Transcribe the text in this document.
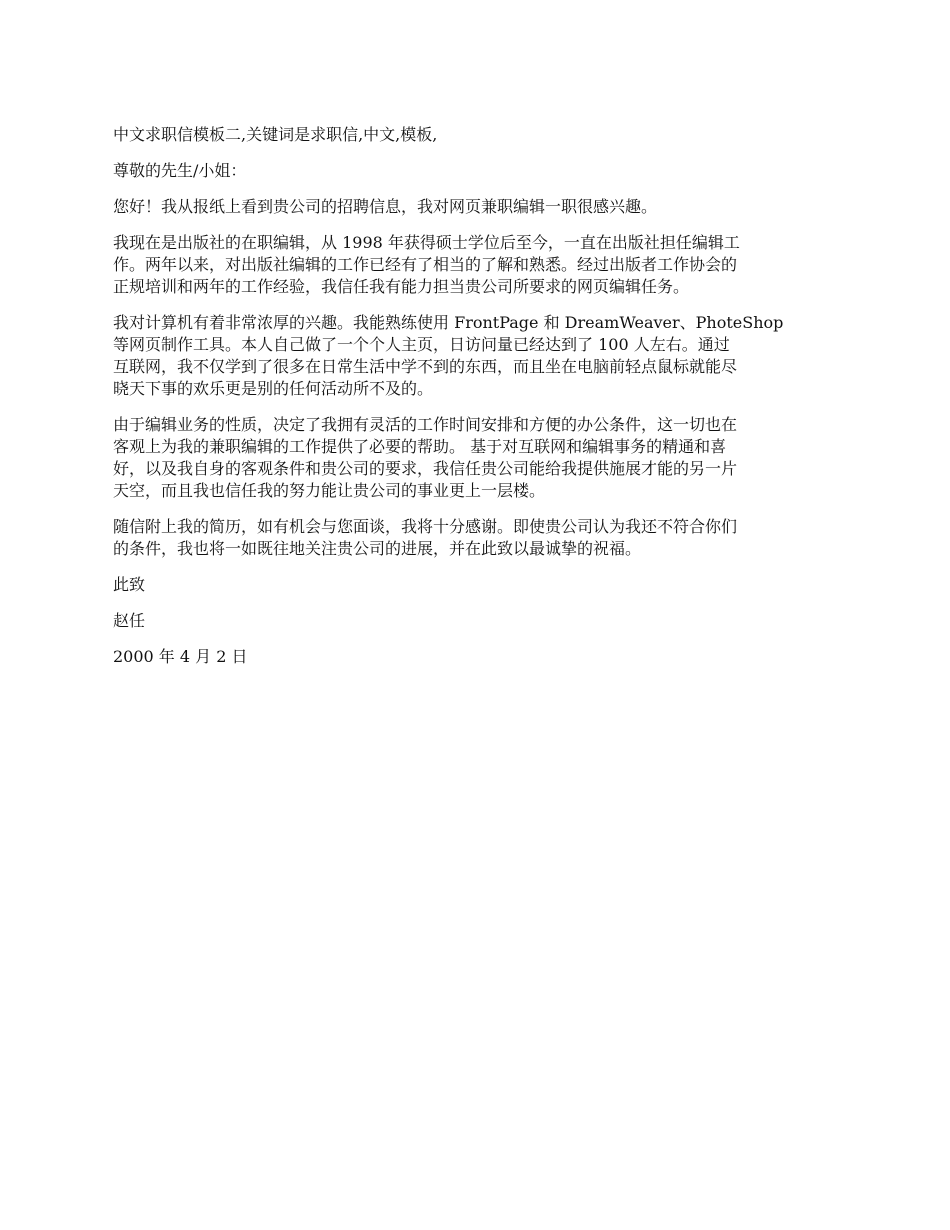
中文求职信模板二,关键词是求职信,中文,模板,

尊敬的先生/小姐：

您好！我从报纸上看到贵公司的招聘信息，我对网页兼职编辑一职很感兴趣。

我现在是出版社的在职编辑，从 1998 年获得硕士学位后至今，一直在出版社担任编辑工
作。两年以来，对出版社编辑的工作已经有了相当的了解和熟悉。经过出版者工作协会的
正规培训和两年的工作经验，我信任我有能力担当贵公司所要求的网页编辑任务。
我对计算机有着非常浓厚的兴趣。我能熟练使用 FrontPage 和 DreamWeaver、PhoteShop
等网页制作工具。本人自己做了一个个人主页，日访问量已经达到了 100 人左右。通过
互联网，我不仅学到了很多在日常生活中学不到的东西，而且坐在电脑前轻点鼠标就能尽
晓天下事的欢乐更是别的任何活动所不及的。
由于编辑业务的性质，决定了我拥有灵活的工作时间安排和方便的办公条件，这一切也在
客观上为我的兼职编辑的工作提供了必要的帮助。 基于对互联网和编辑事务的精通和喜
好，以及我自身的客观条件和贵公司的要求，我信任贵公司能给我提供施展才能的另一片
天空，而且我也信任我的努力能让贵公司的事业更上一层楼。
随信附上我的简历，如有机会与您面谈，我将十分感谢。即使贵公司认为我还不符合你们
的条件，我也将一如既往地关注贵公司的进展，并在此致以最诚挚的祝福。

此致

赵任

2000 年 4 月 2 日
